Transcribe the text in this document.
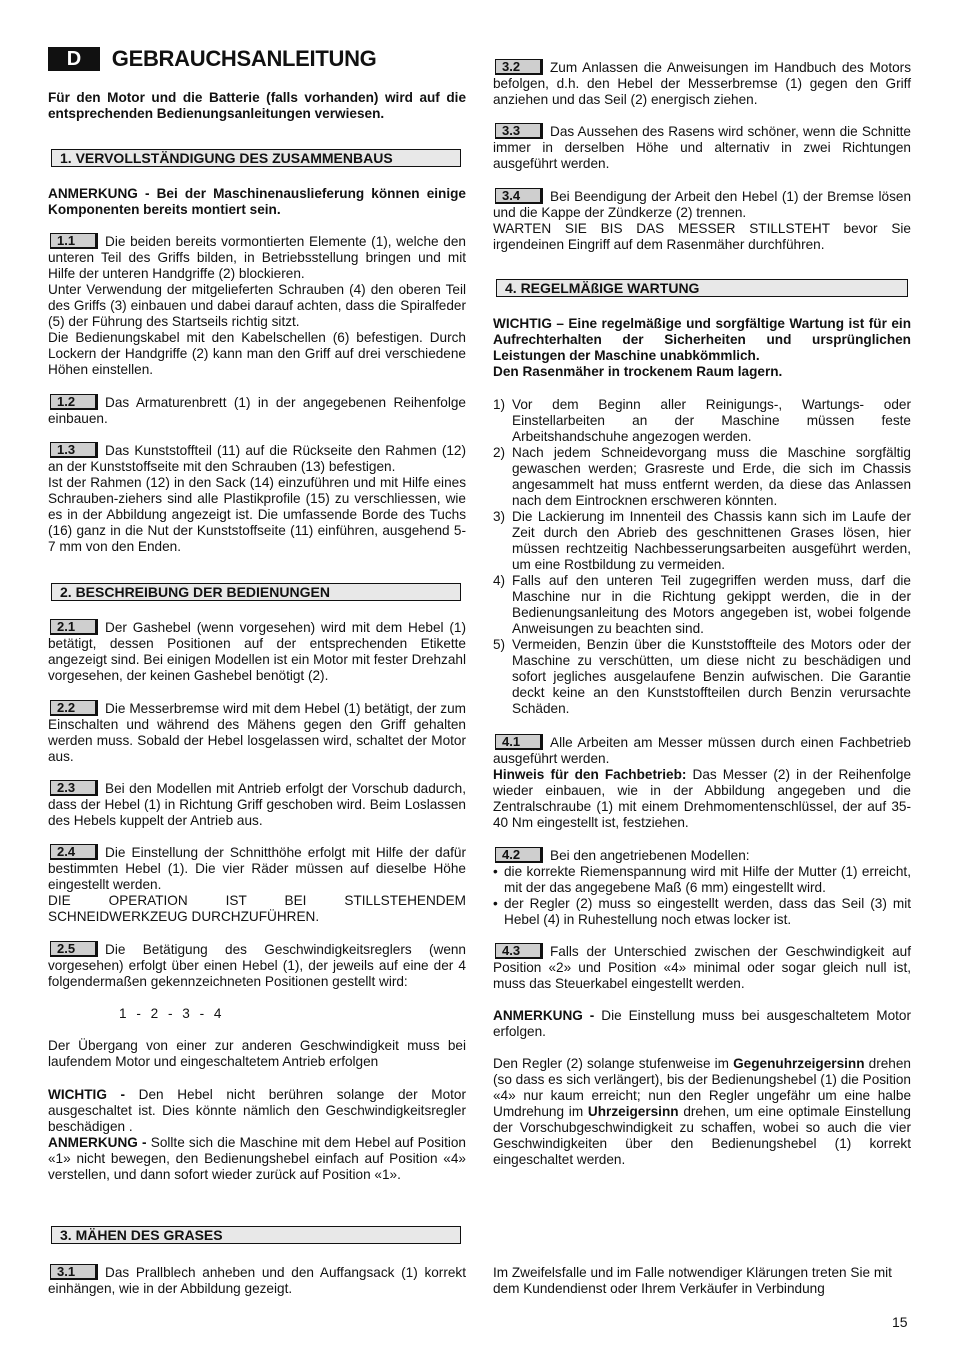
D GEBRAUCHSANLEITUNG
Für den Motor und die Batterie (falls vorhanden) wird auf die entsprechenden Bedienungsanleitungen verwiesen.
1. VERVOLLSTÄNDIGUNG DES ZUSAMMENBAUS
ANMERKUNG - Bei der Maschinenauslieferung können einige Komponenten bereits montiert sein.
1.1 Die beiden bereits vormontierten Elemente (1), welche den unteren Teil des Griffs bilden, in Betriebsstellung bringen und mit Hilfe der unteren Handgriffe (2) blockieren.
Unter Verwendung der mitgelieferten Schrauben (4) den oberen Teil des Griffs (3) einbauen und dabei darauf achten, dass die Spiralfeder (5) der Führung des Startseils richtig sitzt.
Die Bedienungskabel mit den Kabelschellen (6) befestigen. Durch Lockern der Handgriffe (2) kann man den Griff auf drei verschiedene Höhen einstellen.
1.2 Das Armaturenbrett (1) in der angegebenen Reihenfolge einbauen.
1.3 Das Kunststoffteil (11) auf die Rückseite den Rahmen (12) an der Kunststoffseite mit den Schrauben (13) befestigen.
Ist der Rahmen (12) in den Sack (14) einzuführen und mit Hilfe eines Schrauben-ziehers sind alle Plastikprofile (15) zu verschliessen, wie es in der Abbildung angezeigt ist. Die umfassende Borde des Tuchs (16) ganz in die Nut der Kunststoffseite (11) einführen, ausgehend 5-7 mm von den Enden.
2. BESCHREIBUNG DER BEDIENUNGEN
2.1 Der Gashebel (wenn vorgesehen) wird mit dem Hebel (1) betätigt, dessen Positionen auf der entsprechenden Etikette angezeigt sind. Bei einigen Modellen ist ein Motor mit fester Drehzahl vorgesehen, der keinen Gashebel benötigt (2).
2.2 Die Messerbremse wird mit dem Hebel (1) betätigt, der zum Einschalten und während des Mähens gegen den Griff gehalten werden muss. Sobald der Hebel losgelassen wird, schaltet der Motor aus.
2.3 Bei den Modellen mit Antrieb erfolgt der Vorschub dadurch, dass der Hebel (1) in Richtung Griff geschoben wird. Beim Loslassen des Hebels kuppelt der Antrieb aus.
2.4 Die Einstellung der Schnitthöhe erfolgt mit Hilfe der dafür bestimmten Hebel (1). Die vier Räder müssen auf dieselbe Höhe eingestellt werden.
DIE OPERATION IST BEI STILLSTEHENDEM SCHNEIDWERKZEUG DURCHZUFÜHREN.
2.5 Die Betätigung des Geschwindigkeitsreglers (wenn vorgesehen) erfolgt über einen Hebel (1), der jeweils auf eine der 4 folgendermaßen gekennzeichneten Positionen gestellt wird:
1 - 2 - 3 - 4
Der Übergang von einer zur anderen Geschwindigkeit muss bei laufendem Motor und eingeschaltetem Antrieb erfolgen
WICHTIG - Den Hebel nicht berühren solange der Motor ausgeschaltet ist. Dies könnte nämlich den Geschwindigkeitsregler beschädigen .
ANMERKUNG - Sollte sich die Maschine mit dem Hebel auf Position «1» nicht bewegen, den Bedienungshebel einfach auf Position «4» verstellen, und dann sofort wieder zurück auf Position «1».
3. MÄHEN DES GRASES
3.1 Das Prallblech anheben und den Auffangsack (1) korrekt einhängen, wie in der Abbildung gezeigt.
3.2 Zum Anlassen die Anweisungen im Handbuch des Motors befolgen, d.h. den Hebel der Messerbremse (1) gegen den Griff anziehen und das Seil (2) energisch ziehen.
3.3 Das Aussehen des Rasens wird schöner, wenn die Schnitte immer in derselben Höhe und alternativ in zwei Richtungen ausgeführt werden.
3.4 Bei Beendigung der Arbeit den Hebel (1) der Bremse lösen und die Kappe der Zündkerze (2) trennen.
WARTEN SIE BIS DAS MESSER STILLSTEHT bevor Sie irgendeinen Eingriff auf dem Rasenmäher durchführen.
4. REGELMÄßIGE WARTUNG
WICHTIG – Eine regelmäßige und sorgfältige Wartung ist für ein Aufrechterhalten der Sicherheiten und ursprünglichen Leistungen der Maschine unabkömmlich.
Den Rasenmäher in trockenem Raum lagern.
1) Vor dem Beginn aller Reinigungs-, Wartungs- oder Einstellarbeiten an der Maschine müssen feste Arbeitshandschuhe angezogen werden.
2) Nach jedem Schneidevorgang muss die Maschine sorgfältig gewaschen werden; Grasreste und Erde, die sich im Chassis angesammelt hat muss entfernt werden, da diese das Anlassen nach dem Eintrocknen erschweren könnten.
3) Die Lackierung im Innenteil des Chassis kann sich im Laufe der Zeit durch den Abrieb des geschnittenen Grases lösen, hier müssen rechtzeitig Nachbesserungsarbeiten ausgeführt werden, um eine Rostbildung zu vermeiden.
4) Falls auf den unteren Teil zugegriffen werden muss, darf die Maschine nur in die Richtung gekippt werden, die in der Bedienungsanleitung des Motors angegeben ist, wobei folgende Anweisungen zu beachten sind.
5) Vermeiden, Benzin über die Kunststoffteile des Motors oder der Maschine zu verschütten, um diese nicht zu beschädigen und sofort jegliches ausgelaufene Benzin aufwischen. Die Garantie deckt keine an den Kunststoffteilen durch Benzin verursachte Schäden.
4.1 Alle Arbeiten am Messer müssen durch einen Fachbetrieb ausgeführt werden.
Hinweis für den Fachbetrieb: Das Messer (2) in der Reihenfolge wieder einbauen, wie in der Abbildung angegeben und die Zentralschraube (1) mit einem Drehmomentenschlüssel, der auf 35-40 Nm eingestellt ist, festziehen.
4.2 Bei den angetriebenen Modellen:
• die korrekte Riemenspannung wird mit Hilfe der Mutter (1) erreicht, mit der das angegebene Maß (6 mm) eingestellt wird.
• der Regler (2) muss so eingestellt werden, dass das Seil (3) mit Hebel (4) in Ruhestellung noch etwas locker ist.
4.3 Falls der Unterschied zwischen der Geschwindigkeit auf Position «2» und Position «4» minimal oder sogar gleich null ist, muss das Steuerkabel eingestellt werden.
ANMERKUNG - Die Einstellung muss bei ausgeschaltetem Motor erfolgen.
Den Regler (2) solange stufenweise im Gegenuhrzeigersinn drehen (so dass es sich verlängert), bis der Bedienungshebel (1) die Position «4» nur kaum erreicht; nun den Regler ungefähr um eine halbe Umdrehung im Uhrzeigersinn drehen, um eine optimale Einstellung der Vorschubgeschwindigkeit zu schaffen, wobei so auch die vier Geschwindigkeiten über den Bedienungshebel (1) korrekt eingeschaltet werden.
Im Zweifelsfalle und im Falle notwendiger Klärungen treten Sie mit dem Kundendienst oder Ihrem Verkäufer in Verbindung
15
